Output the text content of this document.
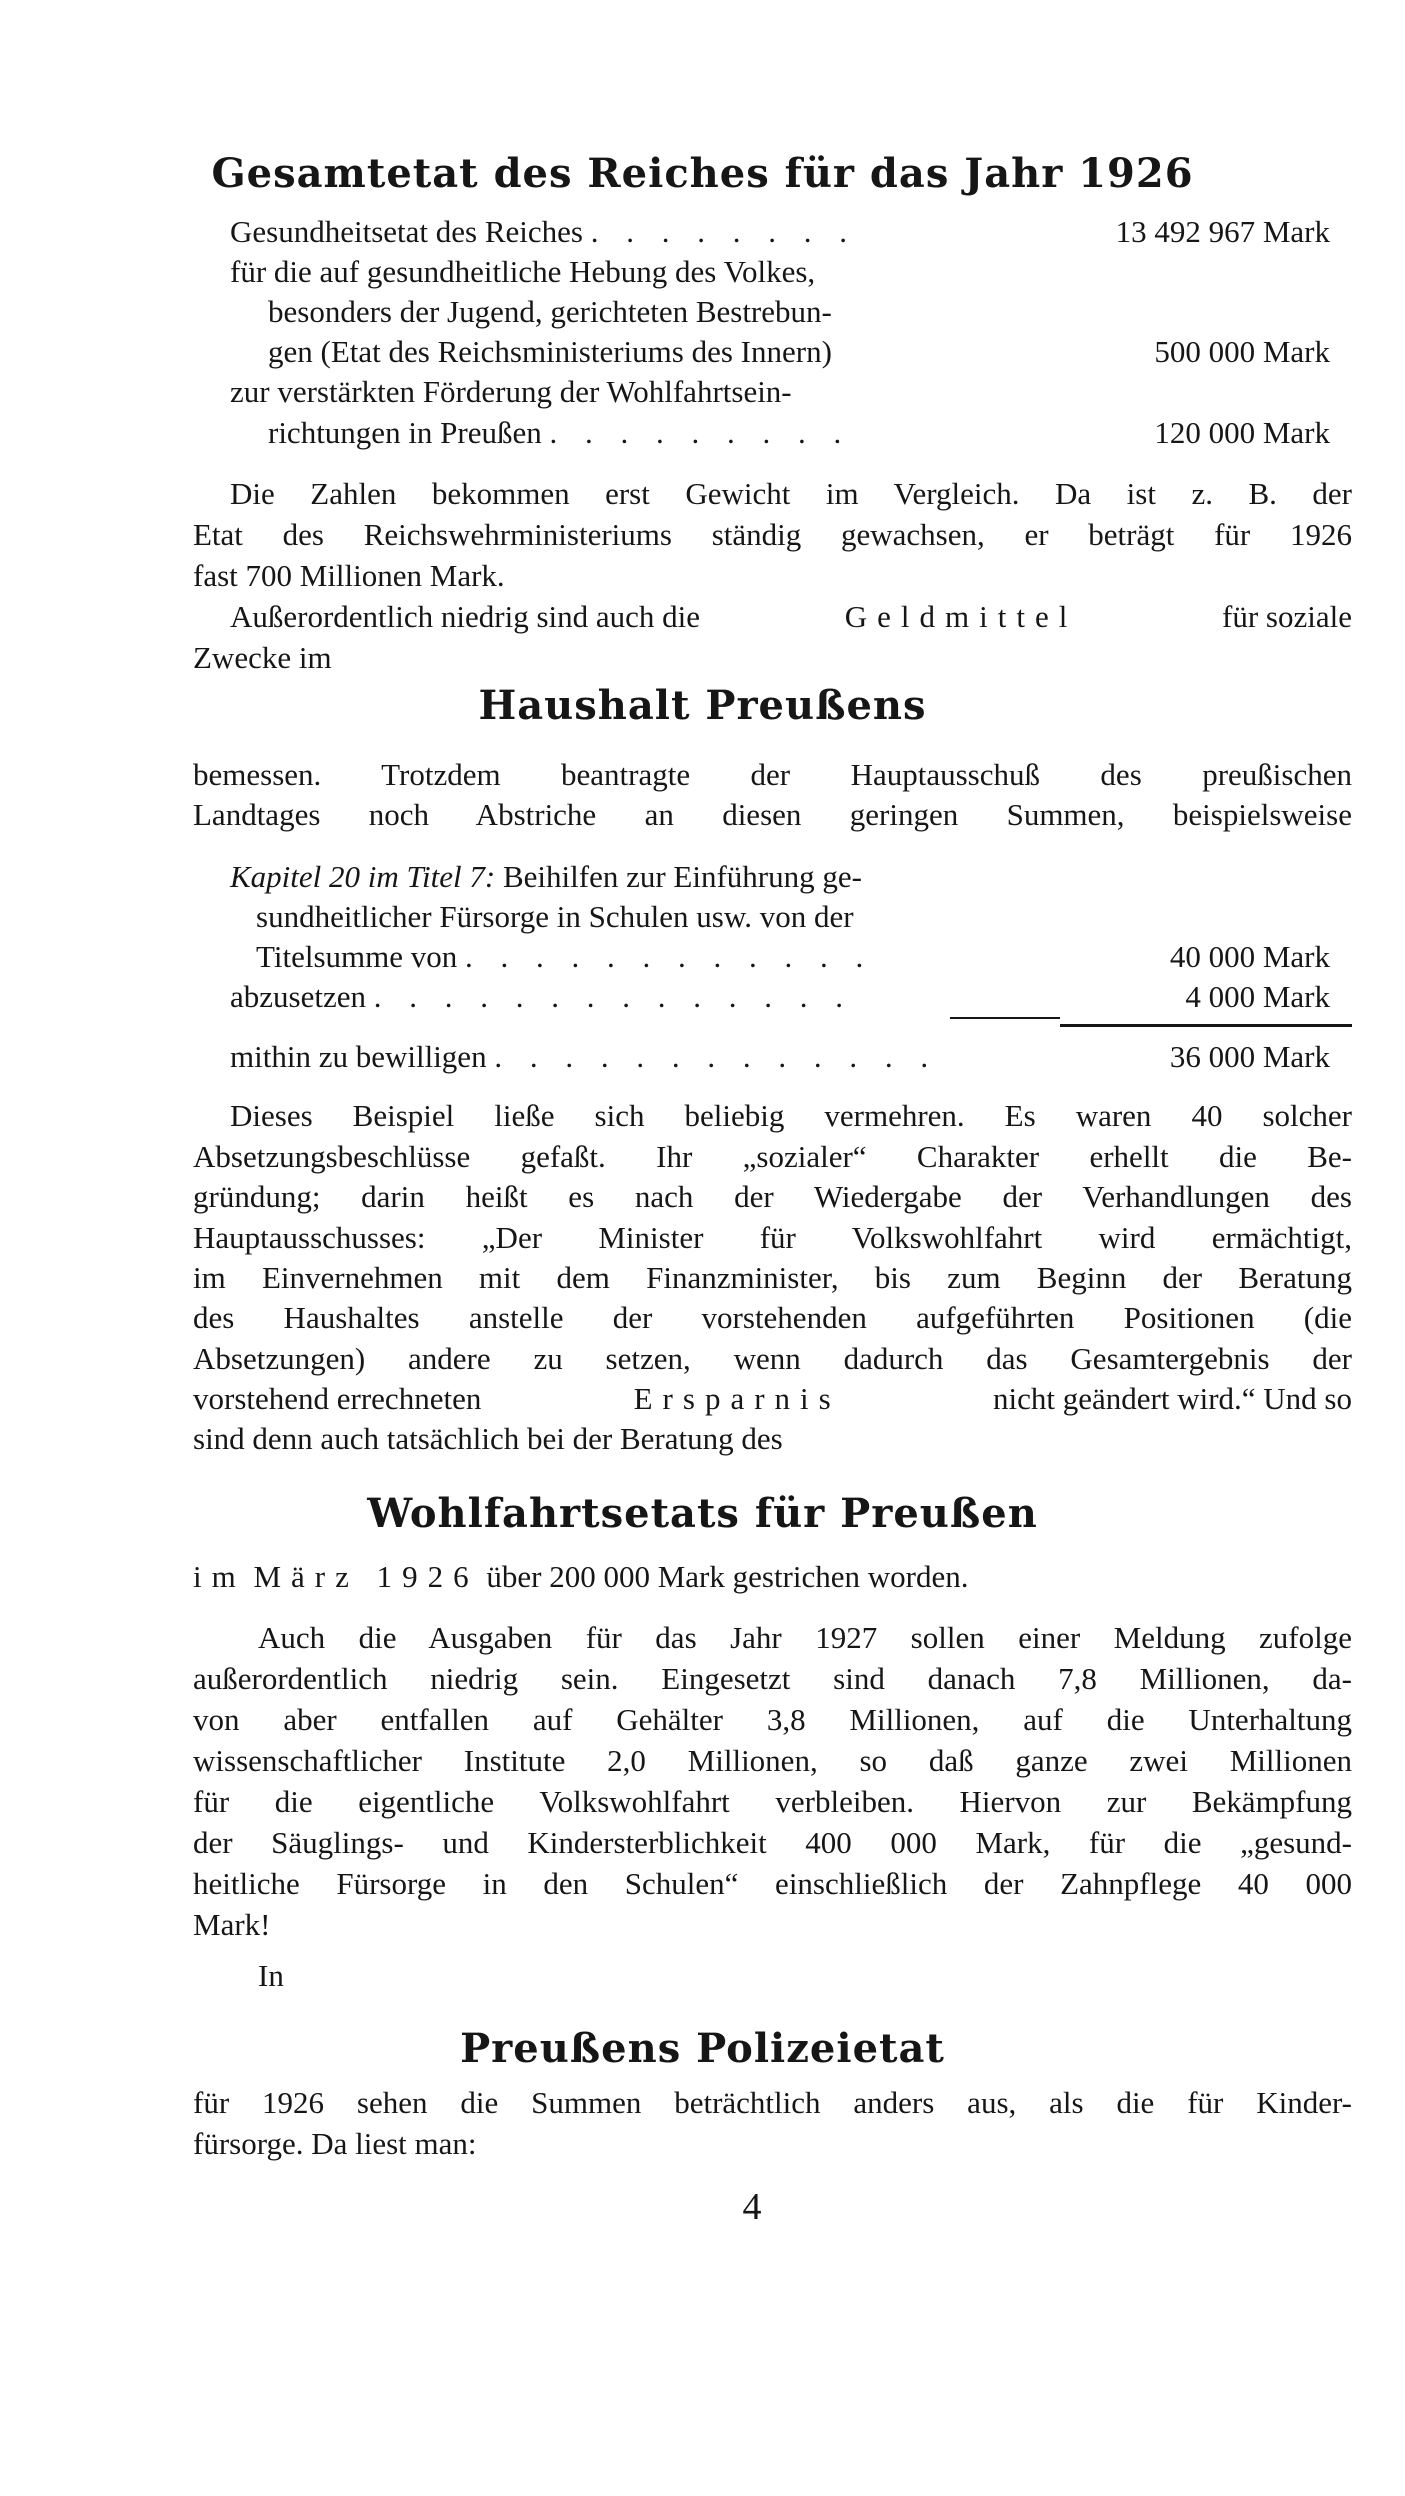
Gesamtetat des Reiches für das Jahr 1926
Gesundheitsetat des Reiches . . . . . . . .	13 492 967 Mark
für die auf gesundheitliche Hebung des Volkes,
besonders der Jugend, gerichteten Bestrebun-
gen (Etat des Reichsministeriums des Innern)	500 000 Mark
zur verstärkten Förderung der Wohlfahrtsein-
richtungen in Preußen . . . . . . . . .	120 000 Mark
Die Zahlen bekommen erst Gewicht im Vergleich. Da ist z. B. der
Etat des Reichswehrministeriums ständig gewachsen, er beträgt für 1926
fast 700 Millionen Mark.
Außerordentlich niedrig sind auch die	Geldmittel	für soziale
Zwecke im
Haushalt Preußens
bemessen. Trotzdem beantragte der Hauptausschuß des preußischen
Landtages noch Abstriche an diesen geringen Summen, beispielsweise
Kapitel 20 im Titel 7: Beihilfen zur Einführung ge-
sundheitlicher Fürsorge in Schulen usw. von der
Titelsumme von . . . . . . . . . . . .	40 000 Mark
abzusetzen . . . . . . . . . . . . . .	4 000 Mark
mithin zu bewilligen . . . . . . . . . . . . .	36 000 Mark
Dieses Beispiel ließe sich beliebig vermehren. Es waren 40 solcher
Absetzungsbeschlüsse gefaßt. Ihr „sozialer“ Charakter erhellt die Be-
gründung; darin heißt es nach der Wiedergabe der Verhandlungen des
Hauptausschusses: „Der Minister für Volkswohlfahrt wird ermächtigt,
im Einvernehmen mit dem Finanzminister, bis zum Beginn der Beratung
des Haushaltes anstelle der vorstehenden aufgeführten Positionen (die
Absetzungen) andere zu setzen, wenn dadurch das Gesamtergebnis der
vorstehend errechneten	Ersparnis	nicht geändert wird.“ Und so
sind denn auch tatsächlich bei der Beratung des
Wohlfahrtsetats für Preußen
im März 1926 über 200 000 Mark gestrichen worden.
Auch die Ausgaben für das Jahr 1927 sollen einer Meldung zufolge
außerordentlich niedrig sein. Eingesetzt sind danach 7,8 Millionen, da-
von aber entfallen auf Gehälter 3,8 Millionen, auf die Unterhaltung
wissenschaftlicher Institute 2,0 Millionen, so daß ganze zwei Millionen
für die eigentliche Volkswohlfahrt verbleiben. Hiervon zur Bekämpfung
der Säuglings- und Kindersterblichkeit 400 000 Mark, für die „gesund-
heitliche Fürsorge in den Schulen“ einschließlich der Zahnpflege 40 000
Mark!
In
Preußens Polizeietat
für 1926 sehen die Summen beträchtlich anders aus, als die für Kinder-
fürsorge. Da liest man:
4
